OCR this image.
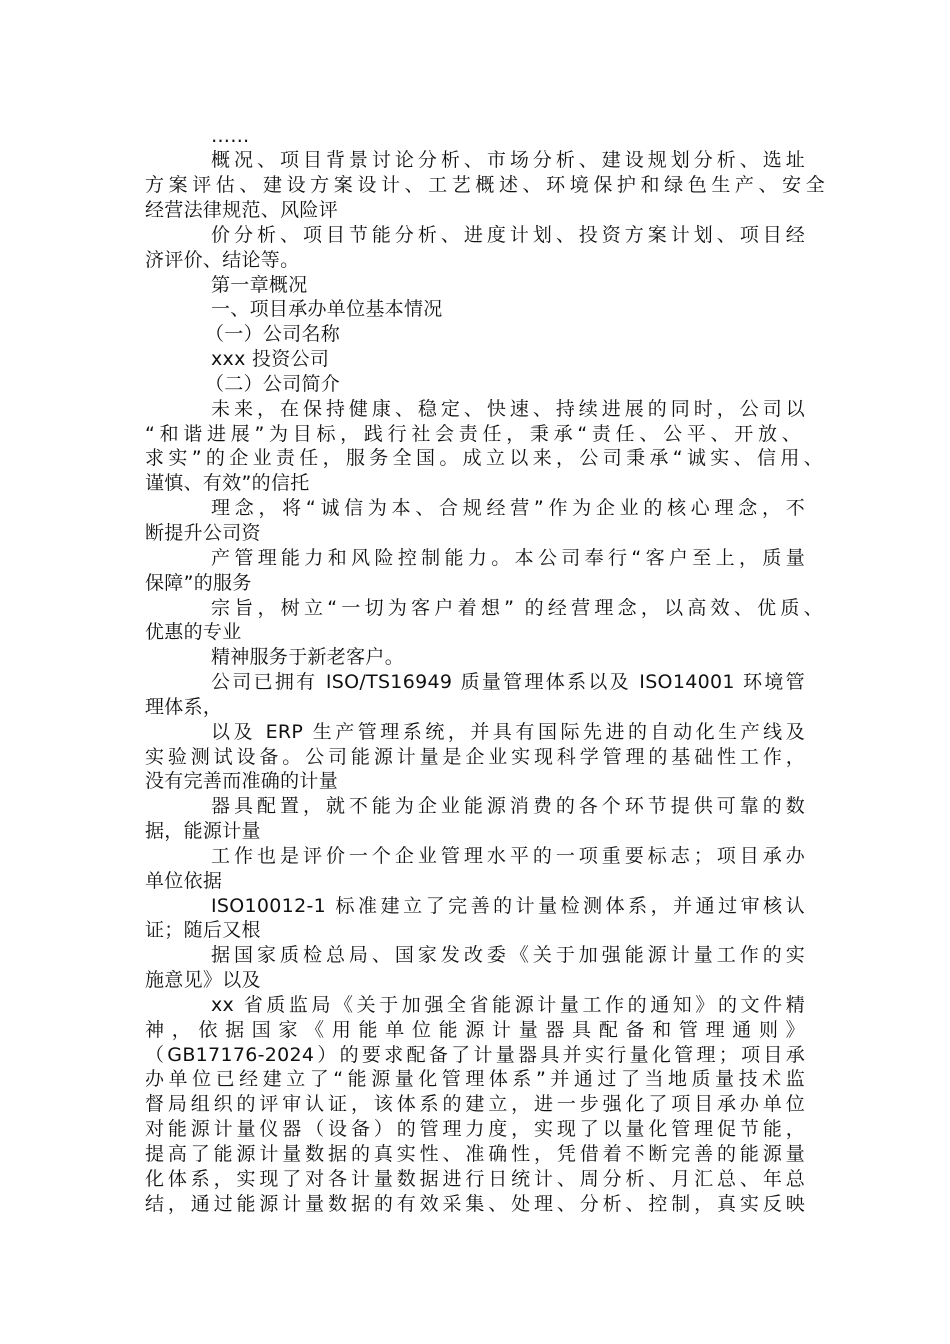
……
概况、项目背景讨论分析、市场分析、建设规划分析、选址
方案评估、建设方案设计、工艺概述、环境保护和绿色生产、安全
经营法律规范、风险评
价分析、项目节能分析、进度计划、投资方案计划、项目经
济评价、结论等。
第一章概况
一、项目承办单位基本情况
（一）公司名称
xxx 投资公司
（二）公司简介
未来，在保持健康、稳定、快速、持续进展的同时，公司以
“和谐进展”为目标，践行社会责任，秉承“责任、公平、开放、
求实”的企业责任，服务全国。成立以来，公司秉承“诚实、信用、
谨慎、有效”的信托
理念，将“诚信为本、合规经营”作为企业的核心理念，不
断提升公司资
产管理能力和风险控制能力。本公司奉行“客户至上，质量
保障”的服务
宗旨，树立“一切为客户着想” 的经营理念，以高效、优质、
优惠的专业
精神服务于新老客户。
公司已拥有 ISO/TS16949 质量管理体系以及 ISO14001 环境管
理体系，
以及 ERP 生产管理系统，并具有国际先进的自动化生产线及
实验测试设备。公司能源计量是企业实现科学管理的基础性工作，
没有完善而准确的计量
器具配置，就不能为企业能源消费的各个环节提供可靠的数
据，能源计量
工作也是评价一个企业管理水平的一项重要标志；项目承办
单位依据
ISO10012-1 标准建立了完善的计量检测体系，并通过审核认
证；随后又根
据国家质检总局、国家发改委《关于加强能源计量工作的实
施意见》以及
xx 省质监局《关于加强全省能源计量工作的通知》的文件精
神，依据国家《用能单位能源计量器具配备和管理通则》
（GB17176-2024）的要求配备了计量器具并实行量化管理；项目承
办单位已经建立了“能源量化管理体系”并通过了当地质量技术监
督局组织的评审认证，该体系的建立，进一步强化了项目承办单位
对能源计量仪器（设备）的管理力度，实现了以量化管理促节能，
提高了能源计量数据的真实性、准确性，凭借着不断完善的能源量
化体系，实现了对各计量数据进行日统计、周分析、月汇总、年总
结，通过能源计量数据的有效采集、处理、分析、控制，真实反映
